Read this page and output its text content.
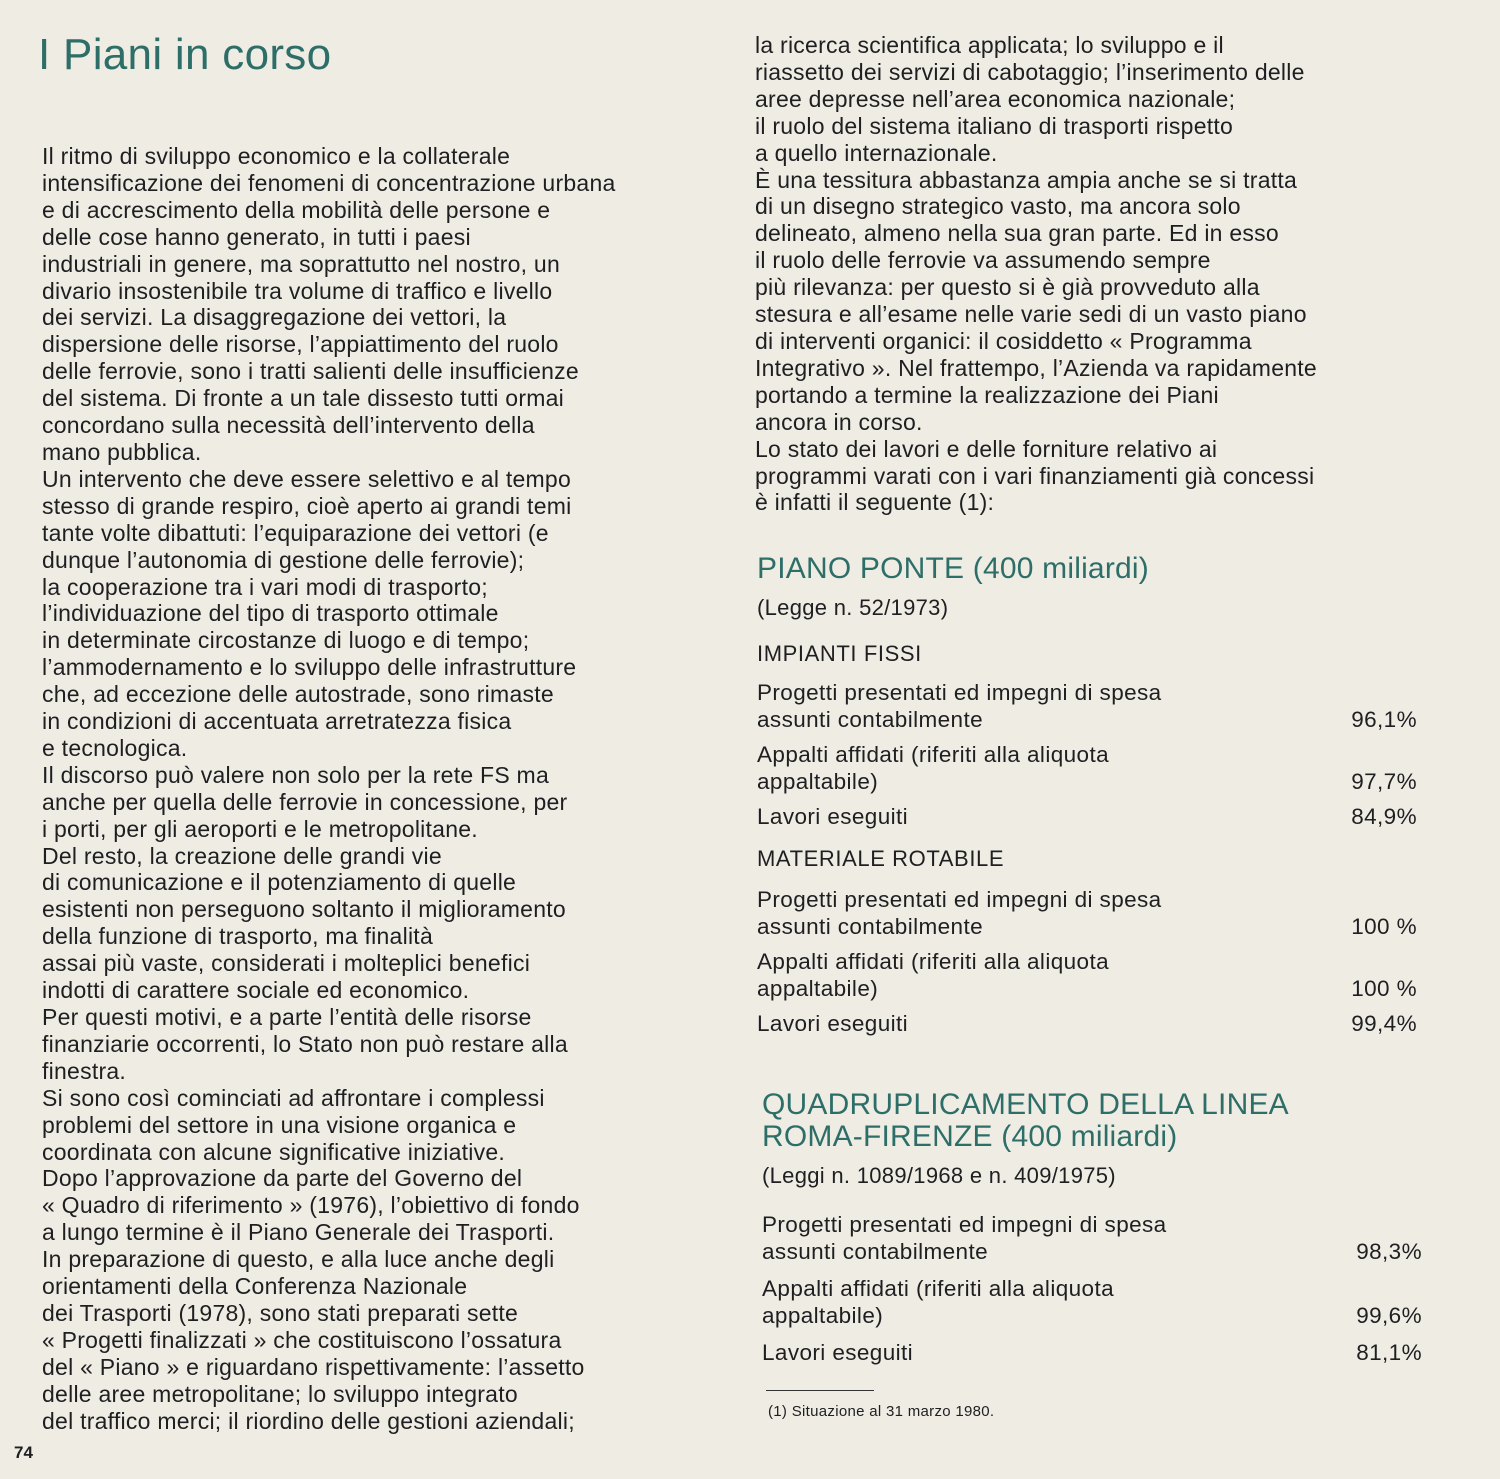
I Piani in corso
Il ritmo di sviluppo economico e la collaterale
intensificazione dei fenomeni di concentrazione urbana
e di accrescimento della mobilità delle persone e
delle cose hanno generato, in tutti i paesi
industriali in genere, ma soprattutto nel nostro, un
divario insostenibile tra volume di traffico e livello
dei servizi. La disaggregazione dei vettori, la
dispersione delle risorse, l’appiattimento del ruolo
delle ferrovie, sono i tratti salienti delle insufficienze
del sistema. Di fronte a un tale dissesto tutti ormai
concordano sulla necessità dell’intervento della
mano pubblica.
Un intervento che deve essere selettivo e al tempo
stesso di grande respiro, cioè aperto ai grandi temi
tante volte dibattuti: l’equiparazione dei vettori (e
dunque l’autonomia di gestione delle ferrovie);
la cooperazione tra i vari modi di trasporto;
l’individuazione del tipo di trasporto ottimale
in determinate circostanze di luogo e di tempo;
l’ammodernamento e lo sviluppo delle infrastrutture
che, ad eccezione delle autostrade, sono rimaste
in condizioni di accentuata arretratezza fisica
e tecnologica.
Il discorso può valere non solo per la rete FS ma
anche per quella delle ferrovie in concessione, per
i porti, per gli aeroporti e le metropolitane.
Del resto, la creazione delle grandi vie
di comunicazione e il potenziamento di quelle
esistenti non perseguono soltanto il miglioramento
della funzione di trasporto, ma finalità
assai più vaste, considerati i molteplici benefici
indotti di carattere sociale ed economico.
Per questi motivi, e a parte l’entità delle risorse
finanziarie occorrenti, lo Stato non può restare alla
finestra.
Si sono così cominciati ad affrontare i complessi
problemi del settore in una visione organica e
coordinata con alcune significative iniziative.
Dopo l’approvazione da parte del Governo del
« Quadro di riferimento » (1976), l’obiettivo di fondo
a lungo termine è il Piano Generale dei Trasporti.
In preparazione di questo, e alla luce anche degli
orientamenti della Conferenza Nazionale
dei Trasporti (1978), sono stati preparati sette
« Progetti finalizzati » che costituiscono l’ossatura
del « Piano » e riguardano rispettivamente: l’assetto
delle aree metropolitane; lo sviluppo integrato
del traffico merci; il riordino delle gestioni aziendali;
la ricerca scientifica applicata; lo sviluppo e il
riassetto dei servizi di cabotaggio; l’inserimento delle
aree depresse nell’area economica nazionale;
il ruolo del sistema italiano di trasporti rispetto
a quello internazionale.
È una tessitura abbastanza ampia anche se si tratta
di un disegno strategico vasto, ma ancora solo
delineato, almeno nella sua gran parte. Ed in esso
il ruolo delle ferrovie va assumendo sempre
più rilevanza: per questo si è già provveduto alla
stesura e all’esame nelle varie sedi di un vasto piano
di interventi organici: il cosiddetto « Programma
Integrativo ». Nel frattempo, l’Azienda va rapidamente
portando a termine la realizzazione dei Piani
ancora in corso.
Lo stato dei lavori e delle forniture relativo ai
programmi varati con i vari finanziamenti già concessi
è infatti il seguente (1):
PIANO PONTE (400 miliardi)
(Legge n. 52/1973)
IMPIANTI FISSI
Progetti presentati ed impegni di spesa
assunti contabilmente	96,1%
Appalti affidati (riferiti alla aliquota
appaltabile)	97,7%
Lavori eseguiti	84,9%
MATERIALE ROTABILE
Progetti presentati ed impegni di spesa
assunti contabilmente	100 %
Appalti affidati (riferiti alla aliquota
appaltabile)	100 %
Lavori eseguiti	99,4%
QUADRUPLICAMENTO DELLA LINEA
ROMA-FIRENZE (400 miliardi)
(Leggi n. 1089/1968 e n. 409/1975)
Progetti presentati ed impegni di spesa
assunti contabilmente	98,3%
Appalti affidati (riferiti alla aliquota
appaltabile)	99,6%
Lavori eseguiti	81,1%
(1) Situazione al 31 marzo 1980.
74
